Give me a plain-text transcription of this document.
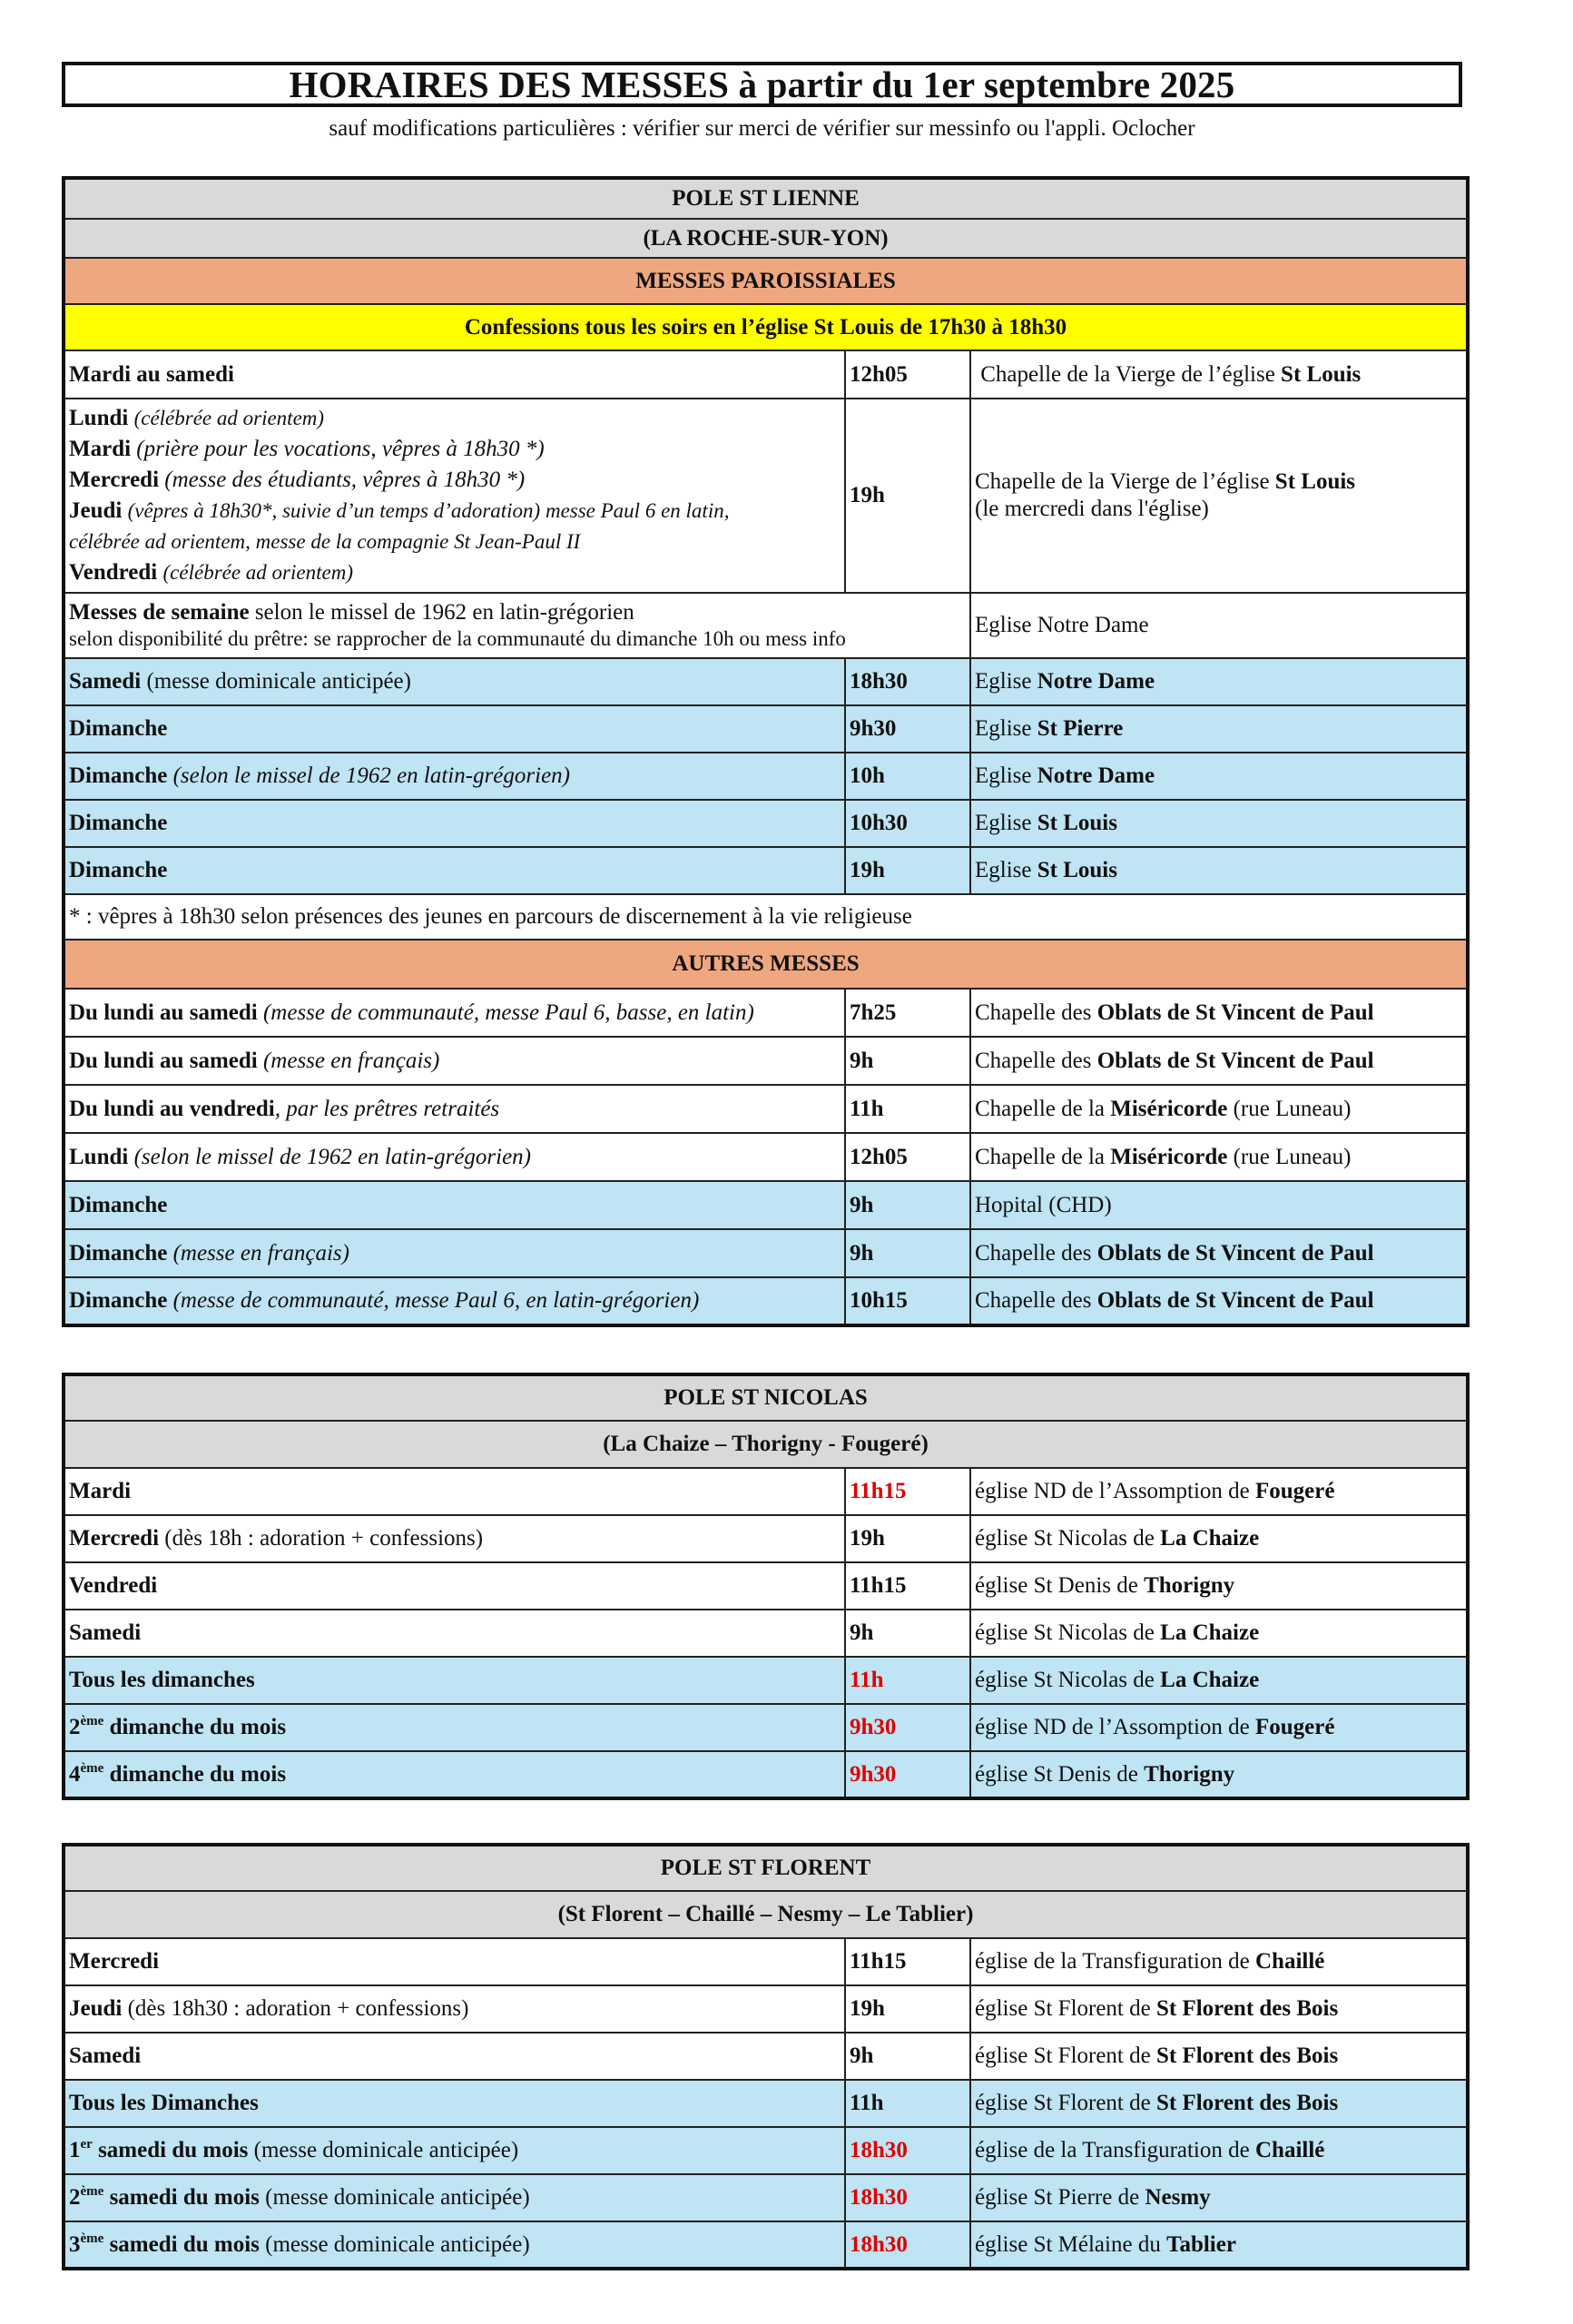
HORAIRES DES MESSES à partir du 1er septembre 2025
sauf modifications particulières : vérifier sur merci de vérifier sur messinfo ou l'appli. Oclocher
POLE ST LIENNE		
(LA ROCHE-SUR-YON)		
MESSES PAROISSIALES		
Confessions tous les soirs en l’église St Louis de 17h30 à 18h30		
Mardi au samedi	12h05	Chapelle de la Vierge de l’église St Louis

Lundi (célébrée ad orientem)
Mardi (prière pour les vocations, vêpres à 18h30 *)
Mercredi (messe des étudiants, vêpres à 18h30 *)
Jeudi (vêpres à 18h30*, suivie d’un temps d’adoration) messe Paul 6 en latin,
célébrée ad orientem, messe de la compagnie St Jean-Paul II
Vendredi (célébrée ad orientem)
	19h	
Chapelle de la Vierge de l’église St Louis
(le mercredi dans l'église)

Messes de semaine selon le missel de 1962 en latin-grégorien
selon disponibilité du prêtre: se rapprocher de la communauté du dimanche 10h ou mess info		Eglise Notre Dame
Samedi (messe dominicale anticipée)	18h30	Eglise Notre Dame
Dimanche	9h30	Eglise St Pierre
Dimanche (selon le missel de 1962 en latin-grégorien)	10h	Eglise Notre Dame
Dimanche	10h30	Eglise St Louis
Dimanche	19h	Eglise St Louis
* : vêpres à 18h30 selon présences des jeunes en parcours de discernement à la vie religieuse		
AUTRES MESSES		
Du lundi au samedi (messe de communauté, messe Paul 6, basse, en latin)	7h25	Chapelle des Oblats de St Vincent de Paul
Du lundi au samedi (messe en français)	9h	Chapelle des Oblats de St Vincent de Paul
Du lundi au vendredi, par les prêtres retraités	11h	Chapelle de la Miséricorde (rue Luneau)
Lundi (selon le missel de 1962 en latin-grégorien)	12h05	Chapelle de la Miséricorde (rue Luneau)
Dimanche	9h	Hopital (CHD)
Dimanche (messe en français)	9h	Chapelle des Oblats de St Vincent de Paul
Dimanche (messe de communauté, messe Paul 6, en latin-grégorien)	10h15	Chapelle des Oblats de St Vincent de Paul
POLE ST NICOLAS		
(La Chaize – Thorigny - Fougeré)		
Mardi	11h15	église ND de l’Assomption de Fougeré
Mercredi (dès 18h : adoration + confessions)	19h	église St Nicolas de La Chaize
Vendredi	11h15	église St Denis de Thorigny
Samedi	9h	église St Nicolas de La Chaize
Tous les dimanches	11h	église St Nicolas de La Chaize
2ème dimanche du mois	9h30	église ND de l’Assomption de Fougeré
4ème dimanche du mois	9h30	église St Denis de Thorigny
POLE ST FLORENT		
(St Florent – Chaillé – Nesmy – Le Tablier)		
Mercredi	11h15	église de la Transfiguration de Chaillé
Jeudi (dès 18h30 : adoration + confessions)	19h	église St Florent de St Florent des Bois
Samedi	9h	église St Florent de St Florent des Bois
Tous les Dimanches	11h	église St Florent de St Florent des Bois
1er samedi du mois (messe dominicale anticipée)	18h30	église de la Transfiguration de Chaillé
2ème samedi du mois (messe dominicale anticipée)	18h30	église St Pierre de Nesmy
3ème samedi du mois (messe dominicale anticipée)	18h30	église St Mélaine du Tablier
